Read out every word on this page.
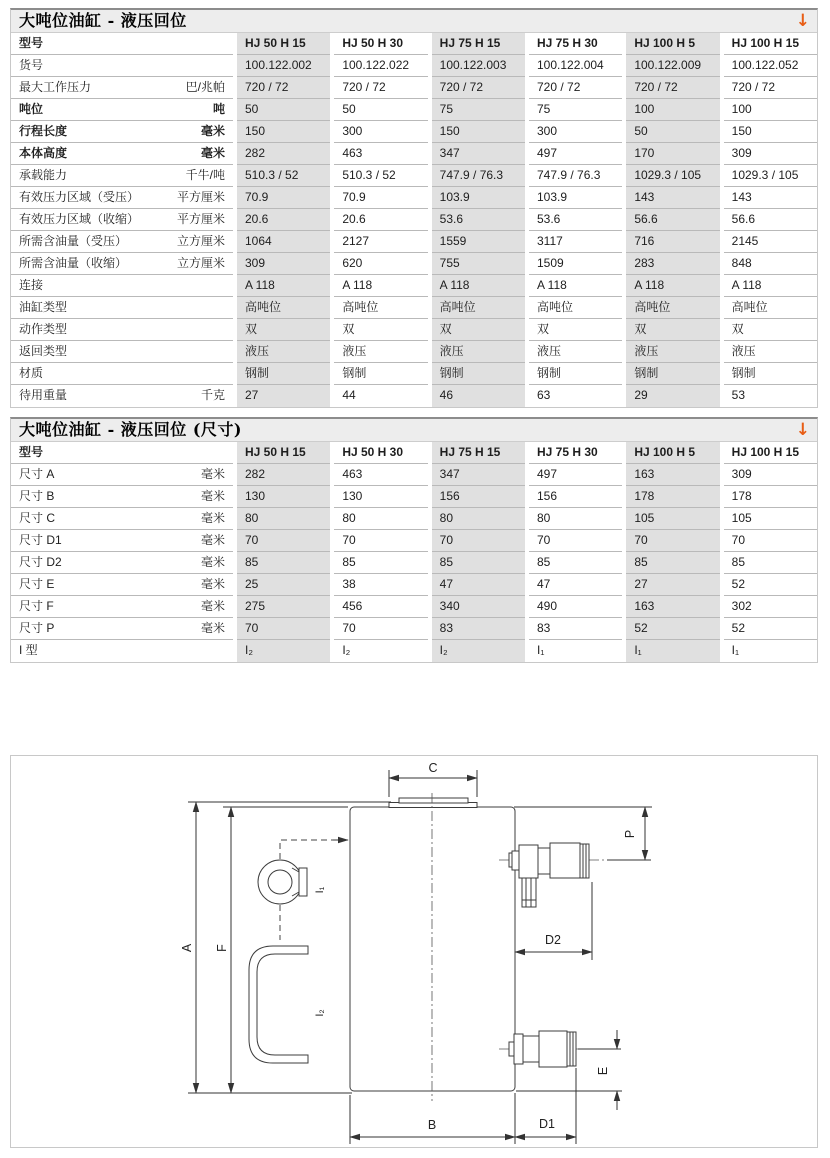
大吨位油缸 - 液压回位	↓
型号	HJ 50 H 15	HJ 50 H 30	HJ 75 H 15	HJ 75 H 30	HJ 100 H 5	HJ 100 H 15
货号	100.122.002	100.122.022	100.122.003	100.122.004	100.122.009	100.122.052
最大工作压力	巴/兆帕	720 / 72	720 / 72	720 / 72	720 / 72	720 / 72	720 / 72
吨位	吨	50	50	75	75	100	100
行程长度	毫米	150	300	150	300	50	150
本体高度	毫米	282	463	347	497	170	309
承载能力	千牛/吨	510.3 / 52	510.3 / 52	747.9 / 76.3	747.9 / 76.3	1029.3 / 105	1029.3 / 105
有效压力区域（受压）	平方厘米	70.9	70.9	103.9	103.9	143	143
有效压力区域（收缩）	平方厘米	20.6	20.6	53.6	53.6	56.6	56.6
所需含油量（受压）	立方厘米	1064	2127	1559	3117	716	2145
所需含油量（收缩）	立方厘米	309	620	755	1509	283	848
连接	A 118	A 118	A 118	A 118	A 118	A 118
油缸类型	高吨位	高吨位	高吨位	高吨位	高吨位	高吨位
动作类型	双	双	双	双	双	双
返回类型	液压	液压	液压	液压	液压	液压
材质	钢制	钢制	钢制	钢制	钢制	钢制
待用重量	千克	27	44	46	63	29	53
大吨位油缸 - 液压回位 (尺寸)	↓
型号	HJ 50 H 15	HJ 50 H 30	HJ 75 H 15	HJ 75 H 30	HJ 100 H 5	HJ 100 H 15
尺寸 A	毫米	282	463	347	497	163	309
尺寸 B	毫米	130	130	156	156	178	178
尺寸 C	毫米	80	80	80	80	105	105
尺寸 D1	毫米	70	70	70	70	70	70
尺寸 D2	毫米	85	85	85	85	85	85
尺寸 E	毫米	25	38	47	47	27	52
尺寸 F	毫米	275	456	340	490	163	302
尺寸 P	毫米	70	70	83	83	52	52
I 型	I₂	I₂	I₂	I₁	I₁	I₁
C
A F
I₁
I₂
P
D2
E
B	D1
